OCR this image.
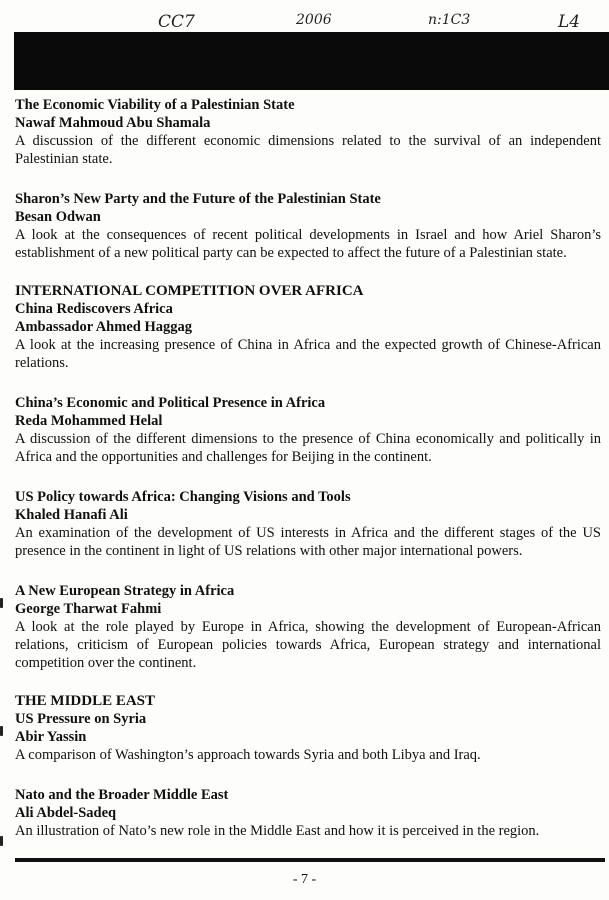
CC7	2006	n:1C3	L4
The Economic Viability of a Palestinian State
Nawaf Mahmoud Abu Shamala
A discussion of the different economic dimensions related to the survival of an independent Palestinian state.
Sharon’s New Party and the Future of the Palestinian State
Besan Odwan
A look at the consequences of recent political developments in Israel and how Ariel Sharon’s establishment of a new political party can be expected to affect the future of a Palestinian state.
INTERNATIONAL COMPETITION OVER AFRICA
China Rediscovers Africa
Ambassador Ahmed Haggag
A look at the increasing presence of China in Africa and the expected growth of Chinese-African relations.
China’s Economic and Political Presence in Africa
Reda Mohammed Helal
A discussion of the different dimensions to the presence of China economically and politically in Africa and the opportunities and challenges for Beijing in the continent.
US Policy towards Africa: Changing Visions and Tools
Khaled Hanafi Ali
An examination of the development of US interests in Africa and the different stages of the US presence in the continent in light of US relations with other major international powers.
A New European Strategy in Africa
George Tharwat Fahmi
A look at the role played by Europe in Africa, showing the development of European-African relations, criticism of European policies towards Africa, European strategy and international competition over the continent.
THE MIDDLE EAST
US Pressure on Syria
Abir Yassin
A comparison of Washington’s approach towards Syria and both Libya and Iraq.
Nato and the Broader Middle East
Ali Abdel-Sadeq
An illustration of Nato’s new role in the Middle East and how it is perceived in the region.
- 7 -
